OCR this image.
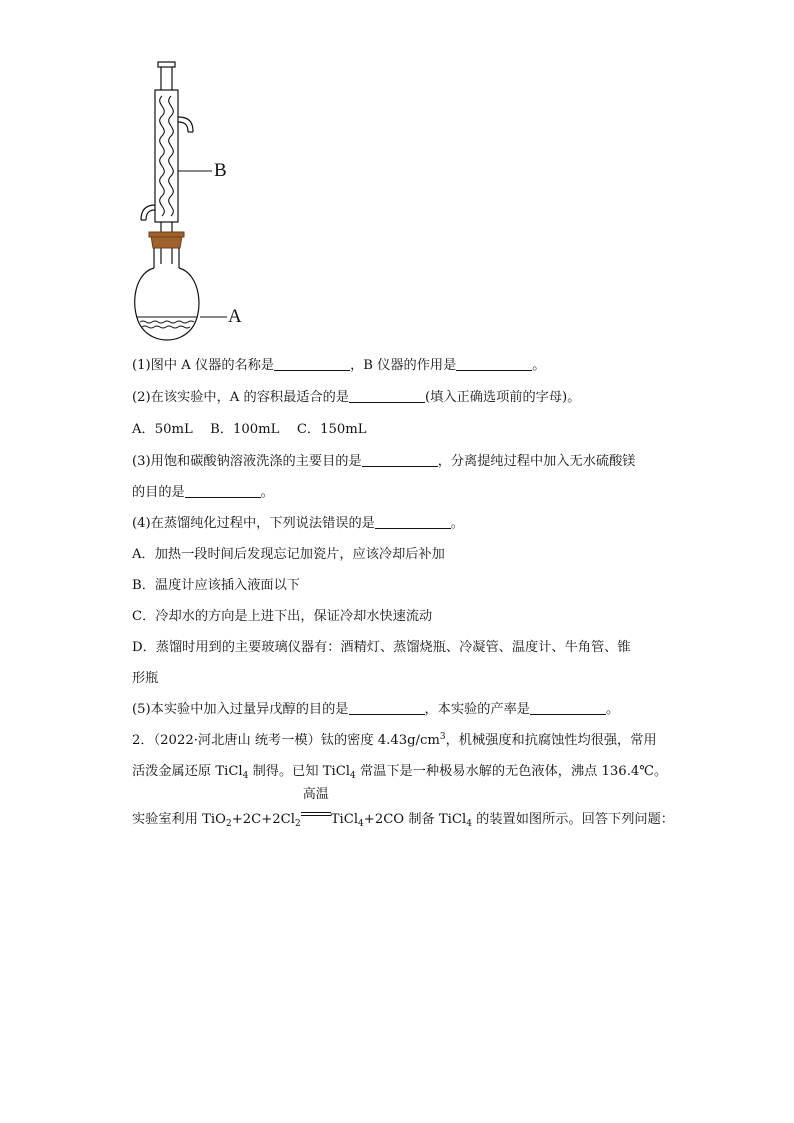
B
A
(1)图中 A 仪器的名称是	，B 仪器的作用是	。
(2)在该实验中，A 的容积最适合的是	(填入正确选项前的字母)。
A．50mL　 B．100mL　 C．150mL
(3)用饱和碳酸钠溶液洗涤的主要目的是	，分离提纯过程中加入无水硫酸镁
的目的是	。
(4)在蒸馏纯化过程中，下列说法错误的是	。
A．加热一段时间后发现忘记加瓷片，应该冷却后补加
B．温度计应该插入液面以下
C．冷却水的方向是上进下出，保证冷却水快速流动
D．蒸馏时用到的主要玻璃仪器有：酒精灯、蒸馏烧瓶、冷凝管、温度计、牛角管、锥
形瓶
(5)本实验中加入过量异戊醇的目的是	，本实验的产率是	。
2．（2022·河北唐山 统考一模）钛的密度 $4.43g/cm^3$，机械强度和抗腐蚀性均很强，常用
活泼金属还原 TiCl$_4$ 制得。已知 TiCl$_4$ 常温下是一种极易水解的无色液体，沸点 136.4℃。
实验室利用 $TiO_2+2C+2Cl_2$
高温
TiCl$_4$+2CO 制备 TiCl$_4$ 的装置如图所示。回答下列问题：
